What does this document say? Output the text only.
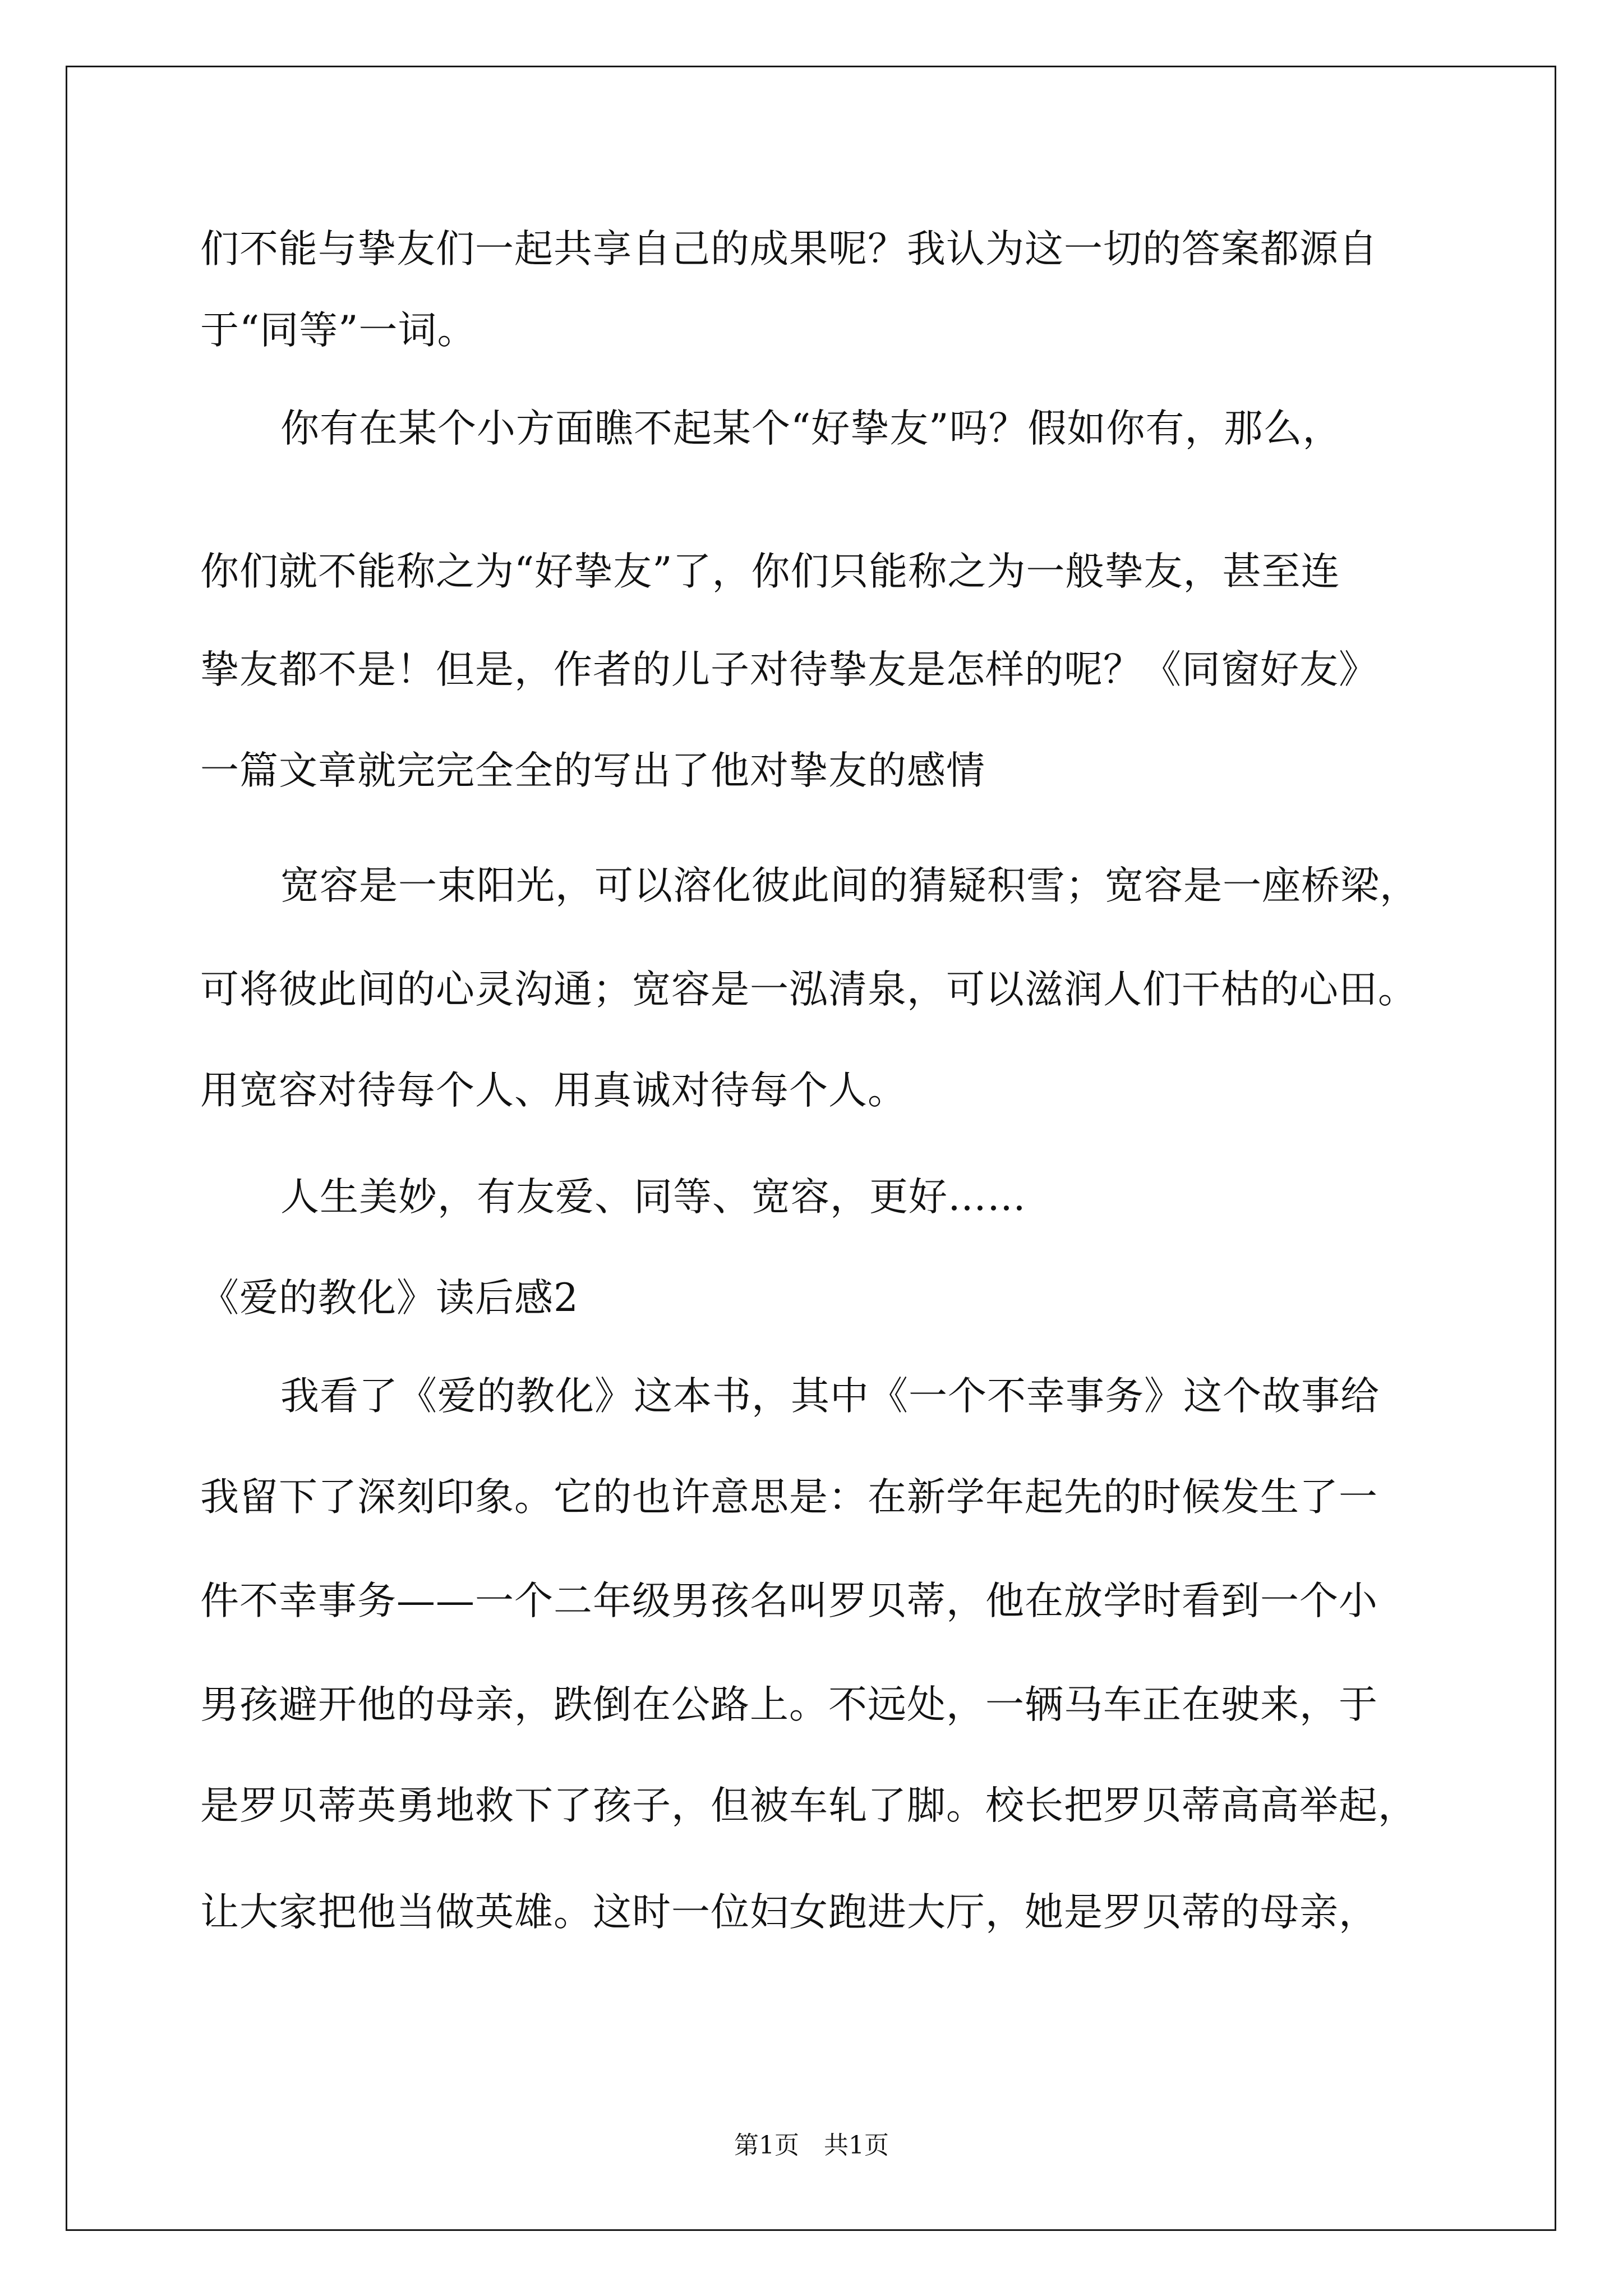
们不能与挚友们一起共享自己的成果呢？我认为这一切的答案都源自
于“同等”一词。
你有在某个小方面瞧不起某个“好挚友”吗？假如你有，那么，
你们就不能称之为“好挚友”了，你们只能称之为一般挚友，甚至连
挚友都不是！但是，作者的儿子对待挚友是怎样的呢？《同窗好友》
一篇文章就完完全全的写出了他对挚友的感情
宽容是一束阳光，可以溶化彼此间的猜疑积雪；宽容是一座桥梁，
可将彼此间的心灵沟通；宽容是一泓清泉，可以滋润人们干枯的心田。
用宽容对待每个人、用真诚对待每个人。
人生美妙，有友爱、同等、宽容，更好……
《爱的教化》读后感2
我看了《爱的教化》这本书，其中《一个不幸事务》这个故事给
我留下了深刻印象。它的也许意思是：在新学年起先的时候发生了一
件不幸事务——一个二年级男孩名叫罗贝蒂，他在放学时看到一个小
男孩避开他的母亲，跌倒在公路上。不远处，一辆马车正在驶来，于
是罗贝蒂英勇地救下了孩子，但被车轧了脚。校长把罗贝蒂高高举起，
让大家把他当做英雄。这时一位妇女跑进大厅，她是罗贝蒂的母亲，
第1页　共1页
